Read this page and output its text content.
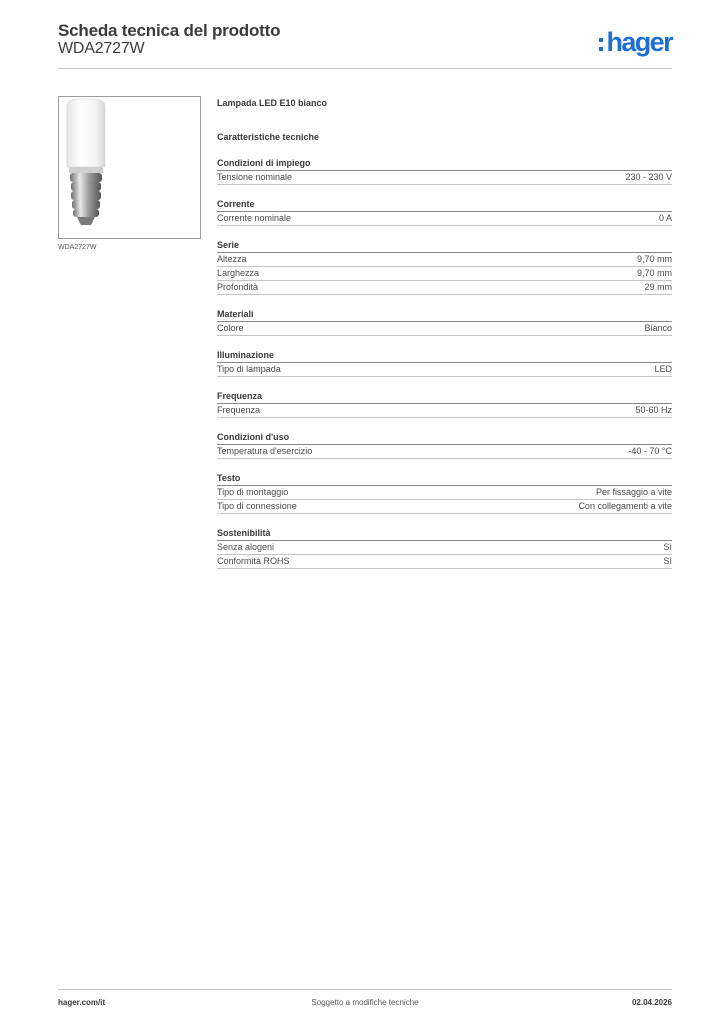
Scheda tecnica del prodotto
WDA2727W	hager
WDA2727W
Lampada LED E10 bianco
Caratteristiche tecniche
Condizioni di impiego
Tensione nominale	230 - 230 V
Corrente
Corrente nominale	0 A
Serie
Altezza	9,70 mm
Larghezza	9,70 mm
Profondità	29 mm
Materiali
Colore	Bianco
Illuminazione
Tipo di lampada	LED
Frequenza
Frequenza	50-60 Hz
Condizioni d'uso
Temperatura d'esercizio	-40 - 70 °C
Testo
Tipo di montaggio	Per fissaggio a vite
Tipo di connessione	Con collegamenti a vite
Sostenibilità
Senza alogeni	Sì
Conformità ROHS	Sì
hager.com/it	Soggetto a modifiche tecniche	02.04.2026
